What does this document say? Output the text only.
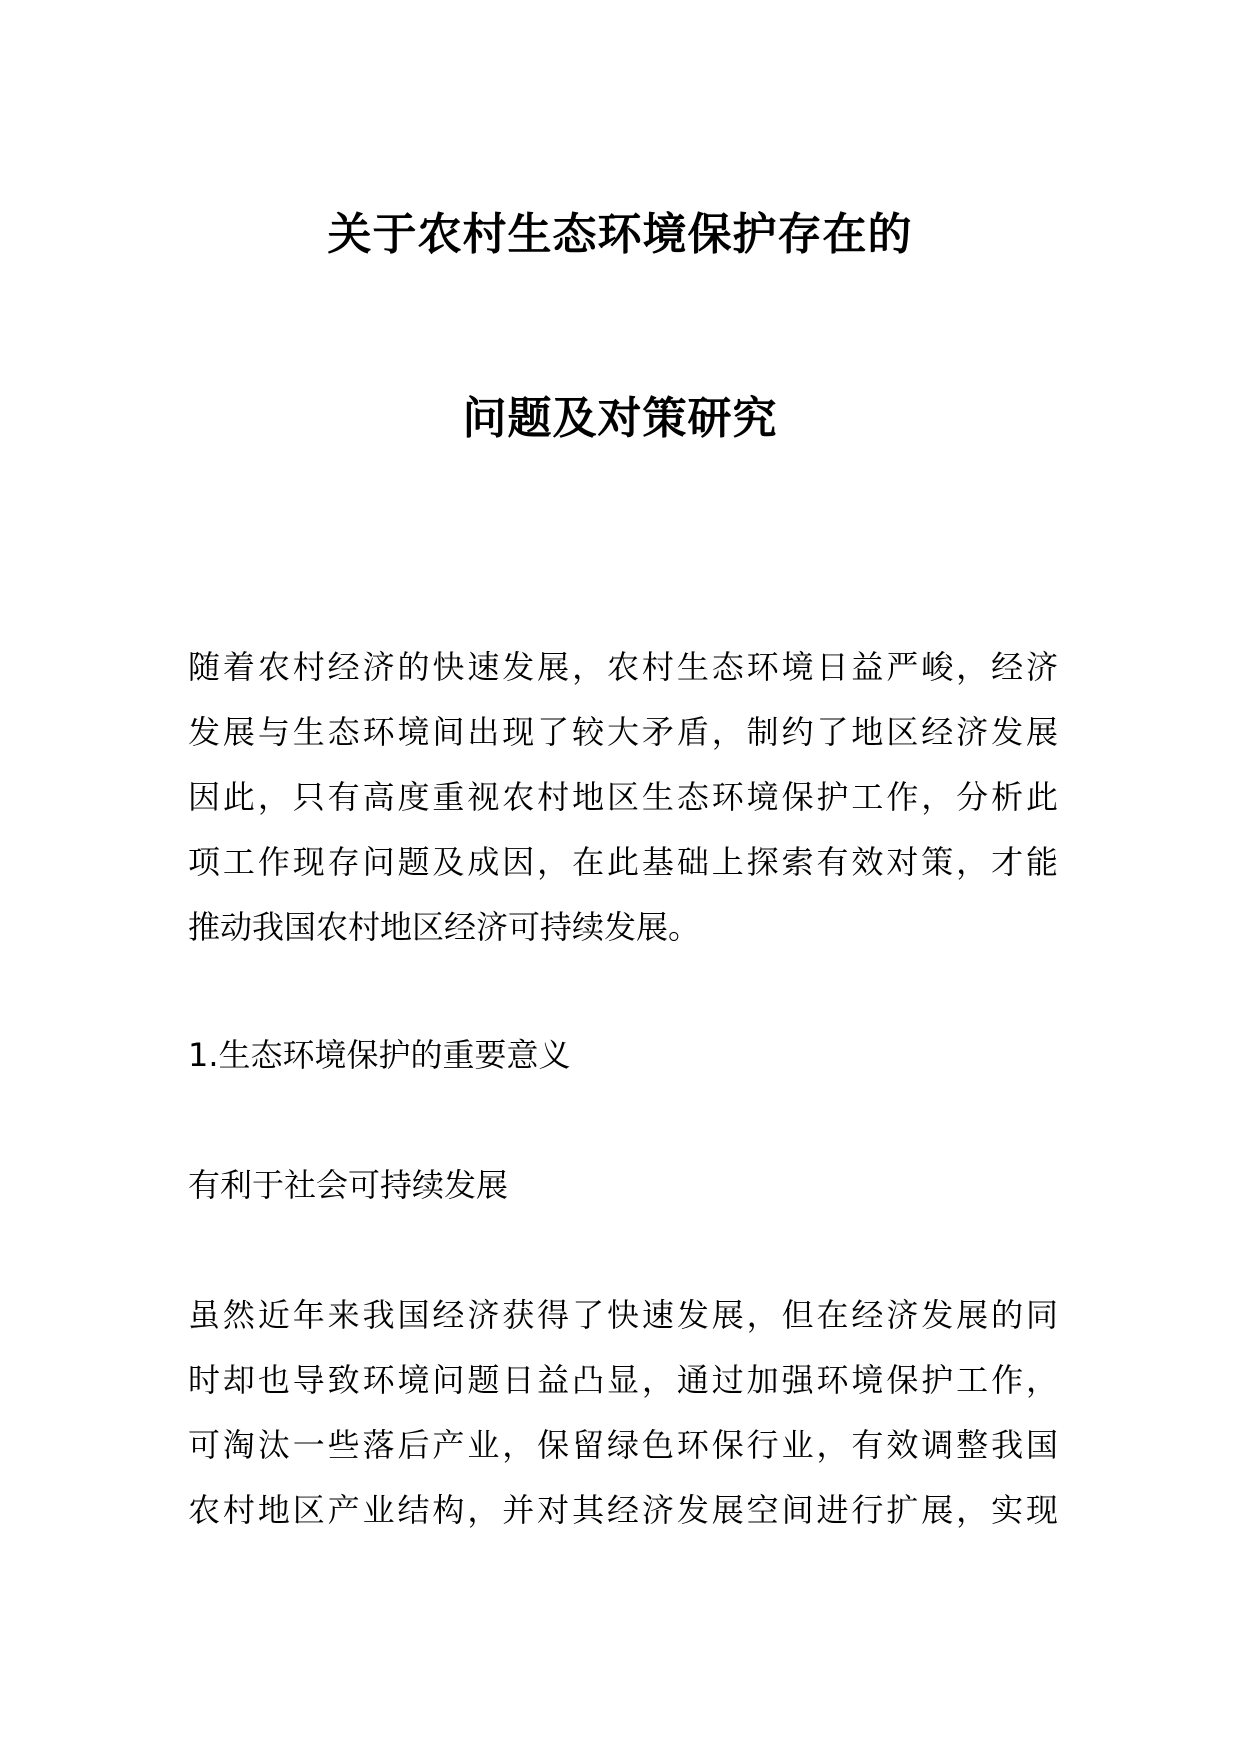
关于农村生态环境保护存在的
问题及对策研究
随着农村经济的快速发展，农村生态环境日益严峻，经济
发展与生态环境间出现了较大矛盾，制约了地区经济发展
因此，只有高度重视农村地区生态环境保护工作，分析此
项工作现存问题及成因，在此基础上探索有效对策，才能
推动我国农村地区经济可持续发展。
1.生态环境保护的重要意义
有利于社会可持续发展
虽然近年来我国经济获得了快速发展，但在经济发展的同
时却也导致环境问题日益凸显，通过加强环境保护工作，
可淘汰一些落后产业，保留绿色环保行业，有效调整我国
农村地区产业结构，并对其经济发展空间进行扩展，实现
